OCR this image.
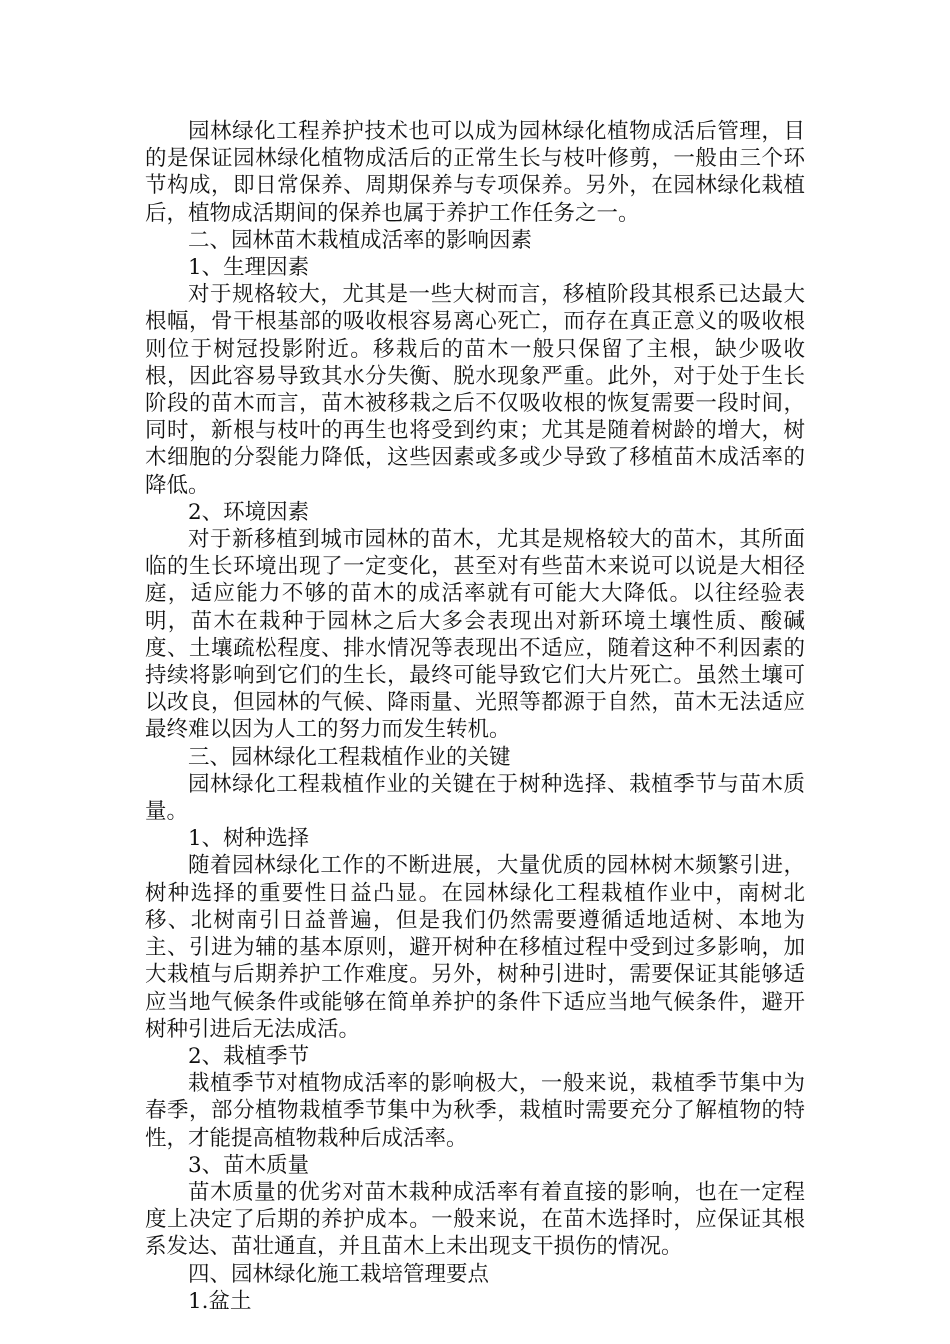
园林绿化工程养护技术也可以成为园林绿化植物成活后管理，目的是保证园林绿化植物成活后的正常生长与枝叶修剪，一般由三个环节构成，即日常保养、周期保养与专项保养。另外，在园林绿化栽植后，植物成活期间的保养也属于养护工作任务之一。

二、园林苗木栽植成活率的影响因素

1、生理因素

对于规格较大，尤其是一些大树而言，移植阶段其根系已达最大根幅，骨干根基部的吸收根容易离心死亡，而存在真正意义的吸收根则位于树冠投影附近。移栽后的苗木一般只保留了主根，缺少吸收根，因此容易导致其水分失衡、脱水现象严重。此外，对于处于生长阶段的苗木而言，苗木被移栽之后不仅吸收根的恢复需要一段时间，同时，新根与枝叶的再生也将受到约束；尤其是随着树龄的增大，树木细胞的分裂能力降低，这些因素或多或少导致了移植苗木成活率的降低。

2、环境因素

对于新移植到城市园林的苗木，尤其是规格较大的苗木，其所面临的生长环境出现了一定变化，甚至对有些苗木来说可以说是大相径庭，适应能力不够的苗木的成活率就有可能大大降低。以往经验表明，苗木在栽种于园林之后大多会表现出对新环境土壤性质、酸碱度、土壤疏松程度、排水情况等表现出不适应，随着这种不利因素的持续将影响到它们的生长，最终可能导致它们大片死亡。虽然土壤可以改良，但园林的气候、降雨量、光照等都源于自然，苗木无法适应最终难以因为人工的努力而发生转机。

三、园林绿化工程栽植作业的关键

园林绿化工程栽植作业的关键在于树种选择、栽植季节与苗木质量。

1、树种选择

随着园林绿化工作的不断进展，大量优质的园林树木频繁引进，树种选择的重要性日益凸显。在园林绿化工程栽植作业中，南树北移、北树南引日益普遍，但是我们仍然需要遵循适地适树、本地为主、引进为辅的基本原则，避开树种在移植过程中受到过多影响，加大栽植与后期养护工作难度。另外，树种引进时，需要保证其能够适应当地气候条件或能够在简单养护的条件下适应当地气候条件，避开树种引进后无法成活。

2、栽植季节

栽植季节对植物成活率的影响极大，一般来说，栽植季节集中为春季，部分植物栽植季节集中为秋季，栽植时需要充分了解植物的特性，才能提高植物栽种后成活率。

3、苗木质量

苗木质量的优劣对苗木栽种成活率有着直接的影响，也在一定程度上决定了后期的养护成本。一般来说，在苗木选择时，应保证其根系发达、苗壮通直，并且苗木上未出现支干损伤的情况。

四、园林绿化施工栽培管理要点

1.盆土
